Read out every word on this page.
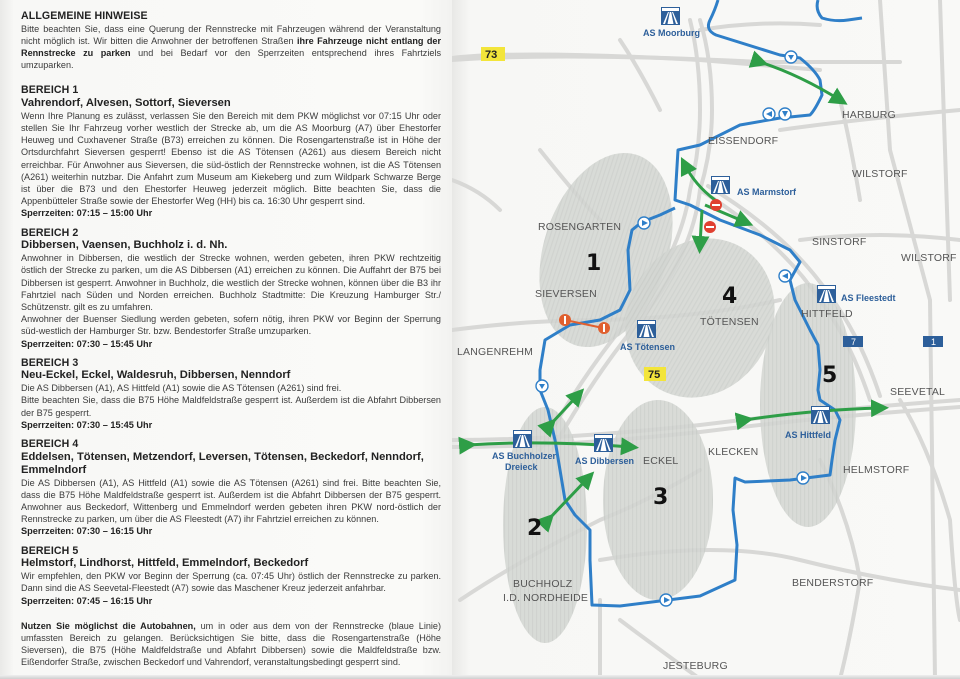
ALLGEMEINE HINWEISE

Bitte beachten Sie, dass eine Querung der Rennstrecke mit Fahrzeugen während der Veranstaltung nicht möglich ist. Wir bitten die Anwohner der betroffenen Straßen ihre Fahrzeuge nicht entlang der Rennstrecke zu parken und bei Bedarf vor den Sperrzeiten entsprechend ihres Fahrtziels umzuparken.

BEREICH 1
Vahrendorf, Alvesen, Sottorf, Sieversen

Wenn Ihre Planung es zulässt, verlassen Sie den Bereich mit dem PKW möglichst vor 07:15 Uhr oder stellen Sie Ihr Fahrzeug vorher westlich der Strecke ab, um die AS Moorburg (A7) über Ehestorfer Heuweg und Cuxhavener Straße (B73) erreichen zu können. Die Rosengartenstraße ist in Höhe der Ortsdurchfahrt Sieversen gesperrt! Ebenso ist die AS Tötensen (A261) aus diesem Bereich nicht erreichbar. Für Anwohner aus Sieversen, die süd-östlich der Rennstrecke wohnen, ist die AS Tötensen (A261) weiterhin nutzbar. Die Anfahrt zum Museum am Kiekeberg und zum Wildpark Schwarze Berge ist über die B73 und den Ehestorfer Heuweg jederzeit möglich. Bitte beachten Sie, dass die Appenbütteler Straße sowie der Ehestorfer Weg (HH) bis ca. 16:30 Uhr gesperrt sind.

Sperrzeiten: 07:15 – 15:00 Uhr
BEREICH 2
Dibbersen, Vaensen, Buchholz i. d. Nh.

Anwohner in Dibbersen, die westlich der Strecke wohnen, werden gebeten, ihren PKW rechtzeitig östlich der Strecke zu parken, um die AS Dibbersen (A1) erreichen zu können. Die Auffahrt der B75 bei Dibbersen ist gesperrt. Anwohner in Buchholz, die westlich der Strecke wohnen, können über die B3 ihr Fahrtziel nach Süden und Norden erreichen. Buchholz Stadtmitte: Die Kreuzung Hamburger Str./ Schützenstr. gilt es zu umfahren.

Anwohner der Buenser Siedlung werden gebeten, sofern nötig, ihren PKW vor Beginn der Sperrung süd-westlich der Hamburger Str. bzw. Bendestorfer Straße umzuparken.

Sperrzeiten: 07:30 – 15:45 Uhr
BEREICH 3
Neu-Eckel, Eckel, Waldesruh, Dibbersen, Nenndorf

Die AS Dibbersen (A1), AS Hittfeld (A1) sowie die AS Tötensen (A261) sind frei.

Bitte beachten Sie, dass die B75 Höhe Maldfeldstraße gesperrt ist. Außerdem ist die Abfahrt Dibbersen der B75 gesperrt.

Sperrzeiten: 07:30 – 15:45 Uhr
BEREICH 4
Eddelsen, Tötensen, Metzendorf, Leversen, Tötensen, Beckedorf, Nenndorf, Emmelndorf

Die AS Dibbersen (A1), AS Hittfeld (A1) sowie die AS Tötensen (A261) sind frei. Bitte beachten Sie, dass die B75 Höhe Maldfeldstraße gesperrt ist. Außerdem ist die Abfahrt Dibbersen der B75 gesperrt. Anwohner aus Beckedorf, Wittenberg und Emmelndorf werden gebeten ihren PKW nord-östlich der Rennstrecke zu parken, um über die AS Fleestedt (A7) ihr Fahrtziel erreichen zu können.

Sperrzeiten: 07:30 – 16:15 Uhr
BEREICH 5
Helmstorf, Lindhorst, Hittfeld, Emmelndorf, Beckedorf

Wir empfehlen, den PKW vor Beginn der Sperrung (ca. 07:45 Uhr) östlich der Rennstrecke zu parken. Dann sind die AS Seevetal-Fleestedt (A7) sowie das Maschener Kreuz jederzeit anfahrbar.

Sperrzeiten: 07:45 – 16:15 Uhr

Nutzen Sie möglichst die Autobahnen, um in oder aus dem von der Rennstrecke (blaue Linie) umfassten Bereich zu gelangen. Berücksichtigen Sie bitte, dass die Rosengartenstraße (Höhe Sieversen), die B75 (Höhe Maldfeldstraße und Abfahrt Dibbersen) sowie die Maldfeldstraße bzw. Eißendorfer Straße, zwischen Beckedorf und Vahrendorf, veranstaltungsbedingt gesperrt sind.

AS Moorburg
AS Marmstorf
AS Fleestedt
AS Tötensen
AS Buchholzer
Dreieck
AS Dibbersen
AS Hittfeld
73
75
7	1
HARBURG
EISSENDORF
WILSTORF
ROSENGARTEN
SINSTORF
WILSTORF
SIEVERSEN
TÖTENSEN
HITTFELD
LANGENREHM
SEEVETAL
ECKEL
KLECKEN
HELMSTORF
BUCHHOLZ
I.D. NORDHEIDE
BENDERSTORF
JESTEBURG
1
2
3
4
5
